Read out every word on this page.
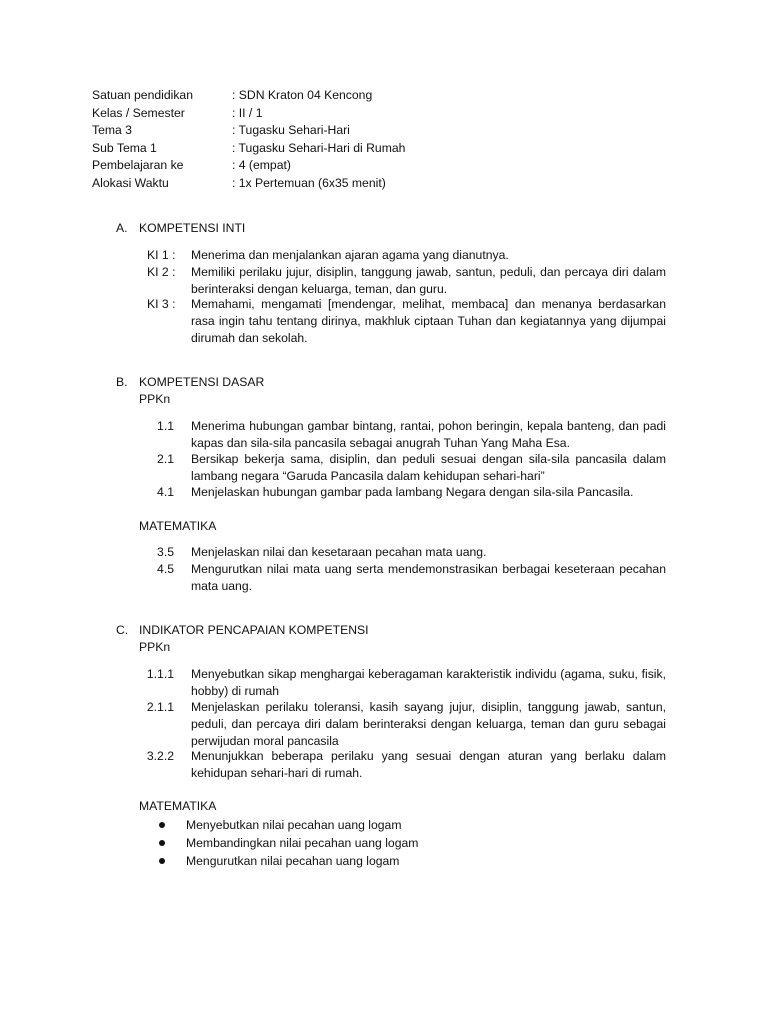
Satuan pendidikan	: SDN Kraton 04 Kencong
Kelas / Semester	: II / 1
Tema 3	: Tugasku Sehari-Hari
Sub Tema 1	: Tugasku Sehari-Hari di Rumah
Pembelajaran ke	: 4 (empat)
Alokasi Waktu	: 1x Pertemuan (6x35 menit)
A. KOMPETENSI INTI
KI 1 :	Menerima dan menjalankan ajaran agama yang dianutnya.
KI 2 :	Memiliki perilaku jujur, disiplin, tanggung jawab, santun, peduli, dan percaya diri dalam berinteraksi dengan keluarga, teman, dan guru.
KI 3 :	Memahami, mengamati [mendengar, melihat, membaca] dan menanya berdasarkan rasa ingin tahu tentang dirinya, makhluk ciptaan Tuhan dan kegiatannya yang dijumpai dirumah dan sekolah.
B. KOMPETENSI DASAR
PPKn
1.1 Menerima hubungan gambar bintang, rantai, pohon beringin, kepala banteng, dan padi kapas dan sila-sila pancasila sebagai anugrah Tuhan Yang Maha Esa.
2.1 Bersikap bekerja sama, disiplin, dan peduli sesuai dengan sila-sila pancasila dalam lambang negara “Garuda Pancasila dalam kehidupan sehari-hari”
4.1 Menjelaskan hubungan gambar pada lambang Negara dengan sila-sila Pancasila.
MATEMATIKA
3.5 Menjelaskan nilai dan kesetaraan pecahan mata uang.
4.5 Mengurutkan nilai mata uang serta mendemonstrasikan berbagai keseteraan pecahan mata uang.
C. INDIKATOR PENCAPAIAN KOMPETENSI
PPKn
1.1.1 Menyebutkan sikap menghargai keberagaman karakteristik individu (agama, suku, fisik, hobby) di rumah
2.1.1 Menjelaskan perilaku toleransi, kasih sayang jujur, disiplin, tanggung jawab, santun, peduli, dan percaya diri dalam berinteraksi dengan keluarga, teman dan guru sebagai perwijudan moral pancasila
3.2.2 Menunjukkan beberapa perilaku yang sesuai dengan aturan yang berlaku dalam kehidupan sehari-hari di rumah.
MATEMATIKA
Menyebutkan nilai pecahan uang logam
Membandingkan nilai pecahan uang logam
Mengurutkan nilai pecahan uang logam
